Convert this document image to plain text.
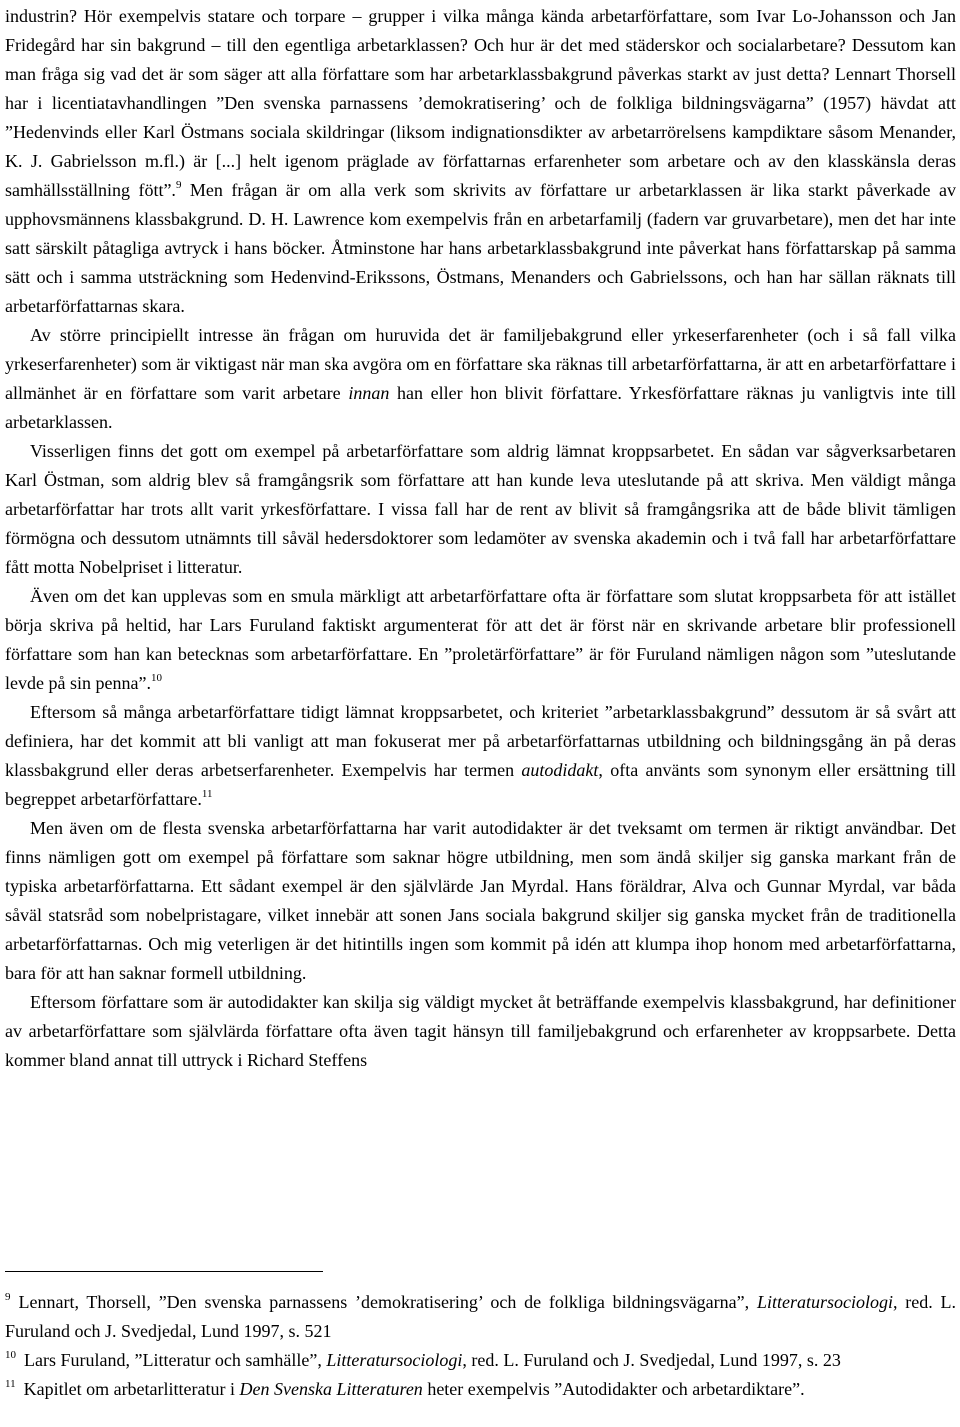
industrin? Hör exempelvis statare och torpare – grupper i vilka många kända arbetarförfattare, som Ivar Lo-Johansson och Jan Fridegård har sin bakgrund – till den egentliga arbetarklassen? Och hur är det med städerskor och socialarbetare? Dessutom kan man fråga sig vad det är som säger att alla författare som har arbetarklassbakgrund påverkas starkt av just detta? Lennart Thorsell har i licentiatavhandlingen ”Den svenska parnassens ’demokratisering’ och de folkliga bildningsvägarna” (1957) hävdat att ”Hedenvinds eller Karl Östmans sociala skildringar (liksom indignationsdikter av arbetarrörelsens kampdiktare såsom Menander, K. J. Gabrielsson m.fl.) är [...] helt igenom präglade av författarnas erfarenheter som arbetare och av den klasskänsla deras samhällsställning fött”.$^9$ Men frågan är om alla verk som skrivits av författare ur arbetarklassen är lika starkt påverkade av upphovsmännens klassbakgrund. D. H. Lawrence kom exempelvis från en arbetarfamilj (fadern var gruvarbetare), men det har inte satt särskilt påtagliga avtryck i hans böcker. Åtminstone har hans arbetarklassbakgrund inte påverkat hans författarskap på samma sätt och i samma utsträckning som Hedenvind-Erikssons, Östmans, Menanders och Gabrielssons, och han har sällan räknats till arbetarförfattarnas skara.

Av större principiellt intresse än frågan om huruvida det är familjebakgrund eller yrkeserfarenheter (och i så fall vilka yrkeserfarenheter) som är viktigast när man ska avgöra om en författare ska räknas till arbetarförfattarna, är att en arbetarförfattare i allmänhet är en författare som varit arbetare innan han eller hon blivit författare. Yrkesförfattare räknas ju vanligtvis inte till arbetarklassen.

Visserligen finns det gott om exempel på arbetarförfattare som aldrig lämnat kroppsarbetet. En sådan var sågverksarbetaren Karl Östman, som aldrig blev så framgångsrik som författare att han kunde leva uteslutande på att skriva. Men väldigt många arbetarförfattar har trots allt varit yrkesförfattare. I vissa fall har de rent av blivit så framgångsrika att de både blivit tämligen förmögna och dessutom utnämnts till såväl hedersdoktorer som ledamöter av svenska akademin och i två fall har arbetarförfattare fått motta Nobelpriset i litteratur.

Även om det kan upplevas som en smula märkligt att arbetarförfattare ofta är författare som slutat kroppsarbeta för att istället börja skriva på heltid, har Lars Furuland faktiskt argumenterat för att det är först när en skrivande arbetare blir professionell författare som han kan betecknas som arbetarförfattare. En ”proletärförfattare” är för Furuland nämligen någon som ”uteslutande levde på sin penna”.$^{10}$

Eftersom så många arbetarförfattare tidigt lämnat kroppsarbetet, och kriteriet ”arbetarklassbakgrund” dessutom är så svårt att definiera, har det kommit att bli vanligt att man fokuserat mer på arbetarförfattarnas utbildning och bildningsgång än på deras klassbakgrund eller deras arbetserfarenheter. Exempelvis har termen autodidakt, ofta använts som synonym eller ersättning till begreppet arbetarförfattare.$^{11}$

Men även om de flesta svenska arbetarförfattarna har varit autodidakter är det tveksamt om termen är riktigt användbar. Det finns nämligen gott om exempel på författare som saknar högre utbildning, men som ändå skiljer sig ganska markant från de typiska arbetarförfattarna. Ett sådant exempel är den självlärde Jan Myrdal. Hans föräldrar, Alva och Gunnar Myrdal, var båda såväl statsråd som nobelpristagare, vilket innebär att sonen Jans sociala bakgrund skiljer sig ganska mycket från de traditionella arbetarförfattarnas. Och mig veterligen är det hitintills ingen som kommit på idén att klumpa ihop honom med arbetarförfattarna, bara för att han saknar formell utbildning.

Eftersom författare som är autodidakter kan skilja sig väldigt mycket åt beträffande exempelvis klassbakgrund, har definitioner av arbetarförfattare som självlärda författare ofta även tagit hänsyn till familjebakgrund och erfarenheter av kroppsarbete. Detta kommer bland annat till uttryck i Richard Steffens

$^9$ Lennart, Thorsell, ”Den svenska parnassens ’demokratisering’ och de folkliga bildningsvägarna”, Litteratursociologi, red. L. Furuland och J. Svedjedal, Lund 1997, s. 521

$^{10}$ Lars Furuland, ”Litteratur och samhälle”, Litteratursociologi, red. L. Furuland och J. Svedjedal, Lund 1997, s. 23

$^{11}$ Kapitlet om arbetarlitteratur i Den Svenska Litteraturen heter exempelvis ”Autodidakter och arbetardiktare”.
